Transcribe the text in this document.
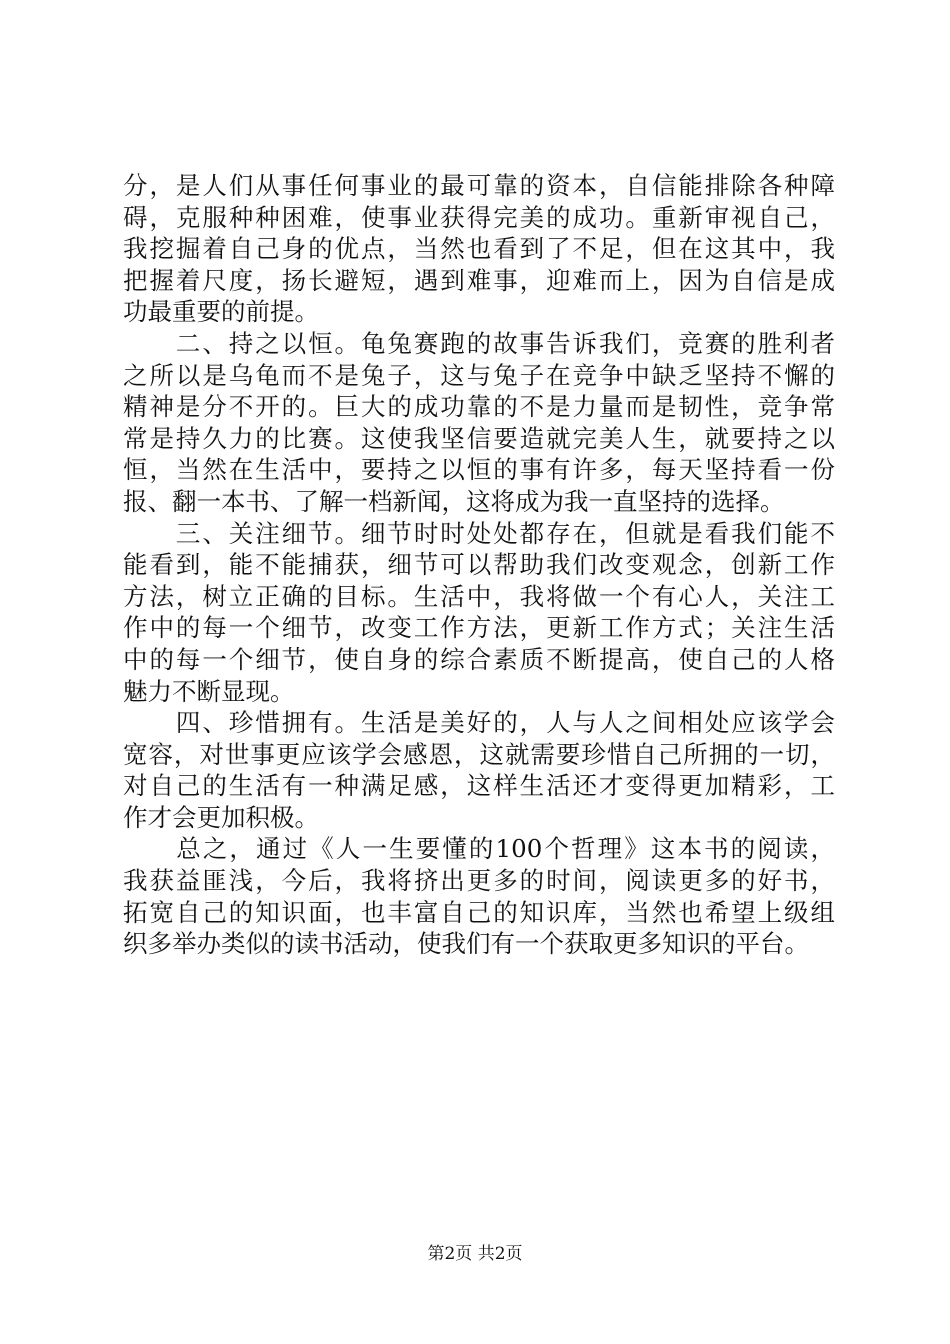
分，是人们从事任何事业的最可靠的资本，自信能排除各种障
碍，克服种种困难，使事业获得完美的成功。重新审视自己，
我挖掘着自己身的优点，当然也看到了不足，但在这其中，我
把握着尺度，扬长避短，遇到难事，迎难而上，因为自信是成
功最重要的前提。
　　二、持之以恒。龟兔赛跑的故事告诉我们，竞赛的胜利者
之所以是乌龟而不是兔子，这与兔子在竞争中缺乏坚持不懈的
精神是分不开的。巨大的成功靠的不是力量而是韧性，竞争常
常是持久力的比赛。这使我坚信要造就完美人生，就要持之以
恒，当然在生活中，要持之以恒的事有许多，每天坚持看一份
报、翻一本书、了解一档新闻，这将成为我一直坚持的选择。
　　三、关注细节。细节时时处处都存在，但就是看我们能不
能看到，能不能捕获，细节可以帮助我们改变观念，创新工作
方法，树立正确的目标。生活中，我将做一个有心人，关注工
作中的每一个细节，改变工作方法，更新工作方式；关注生活
中的每一个细节，使自身的综合素质不断提高，使自己的人格
魅力不断显现。
　　四、珍惜拥有。生活是美好的，人与人之间相处应该学会
宽容，对世事更应该学会感恩，这就需要珍惜自己所拥的一切，
对自己的生活有一种满足感，这样生活还才变得更加精彩，工
作才会更加积极。
　　总之，通过《人一生要懂的100个哲理》这本书的阅读，
我获益匪浅，今后，我将挤出更多的时间，阅读更多的好书，
拓宽自己的知识面，也丰富自己的知识库，当然也希望上级组
织多举办类似的读书活动，使我们有一个获取更多知识的平台。
第2页 共2页
